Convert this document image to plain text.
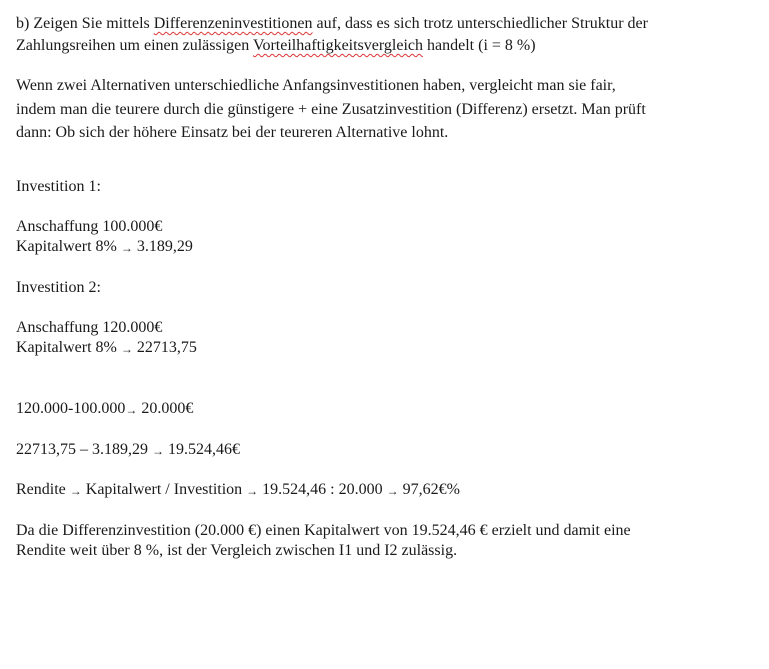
b) Zeigen Sie mittels Differenzeninvestitionen auf, dass es sich trotz unterschiedlicher Struktur der
Zahlungsreihen um einen zulässigen Vorteilhaftigkeitsvergleich handelt (i = 8 %)
Wenn zwei Alternativen unterschiedliche Anfangsinvestitionen haben, vergleicht man sie fair,
indem man die teurere durch die günstigere + eine Zusatzinvestition (Differenz) ersetzt. Man prüft
dann: Ob sich der höhere Einsatz bei der teureren Alternative lohnt.
Investition 1:
Anschaffung 100.000€
Kapitalwert 8% → 3.189,29
Investition 2:
Anschaffung 120.000€
Kapitalwert 8% → 22713,75
120.000-100.000→ 20.000€
22713,75 – 3.189,29 → 19.524,46€
Rendite → Kapitalwert / Investition → 19.524,46 : 20.000 → 97,62€%
Da die Differenzinvestition (20.000 €) einen Kapitalwert von 19.524,46 € erzielt und damit eine
Rendite weit über 8 %, ist der Vergleich zwischen I1 und I2 zulässig.
